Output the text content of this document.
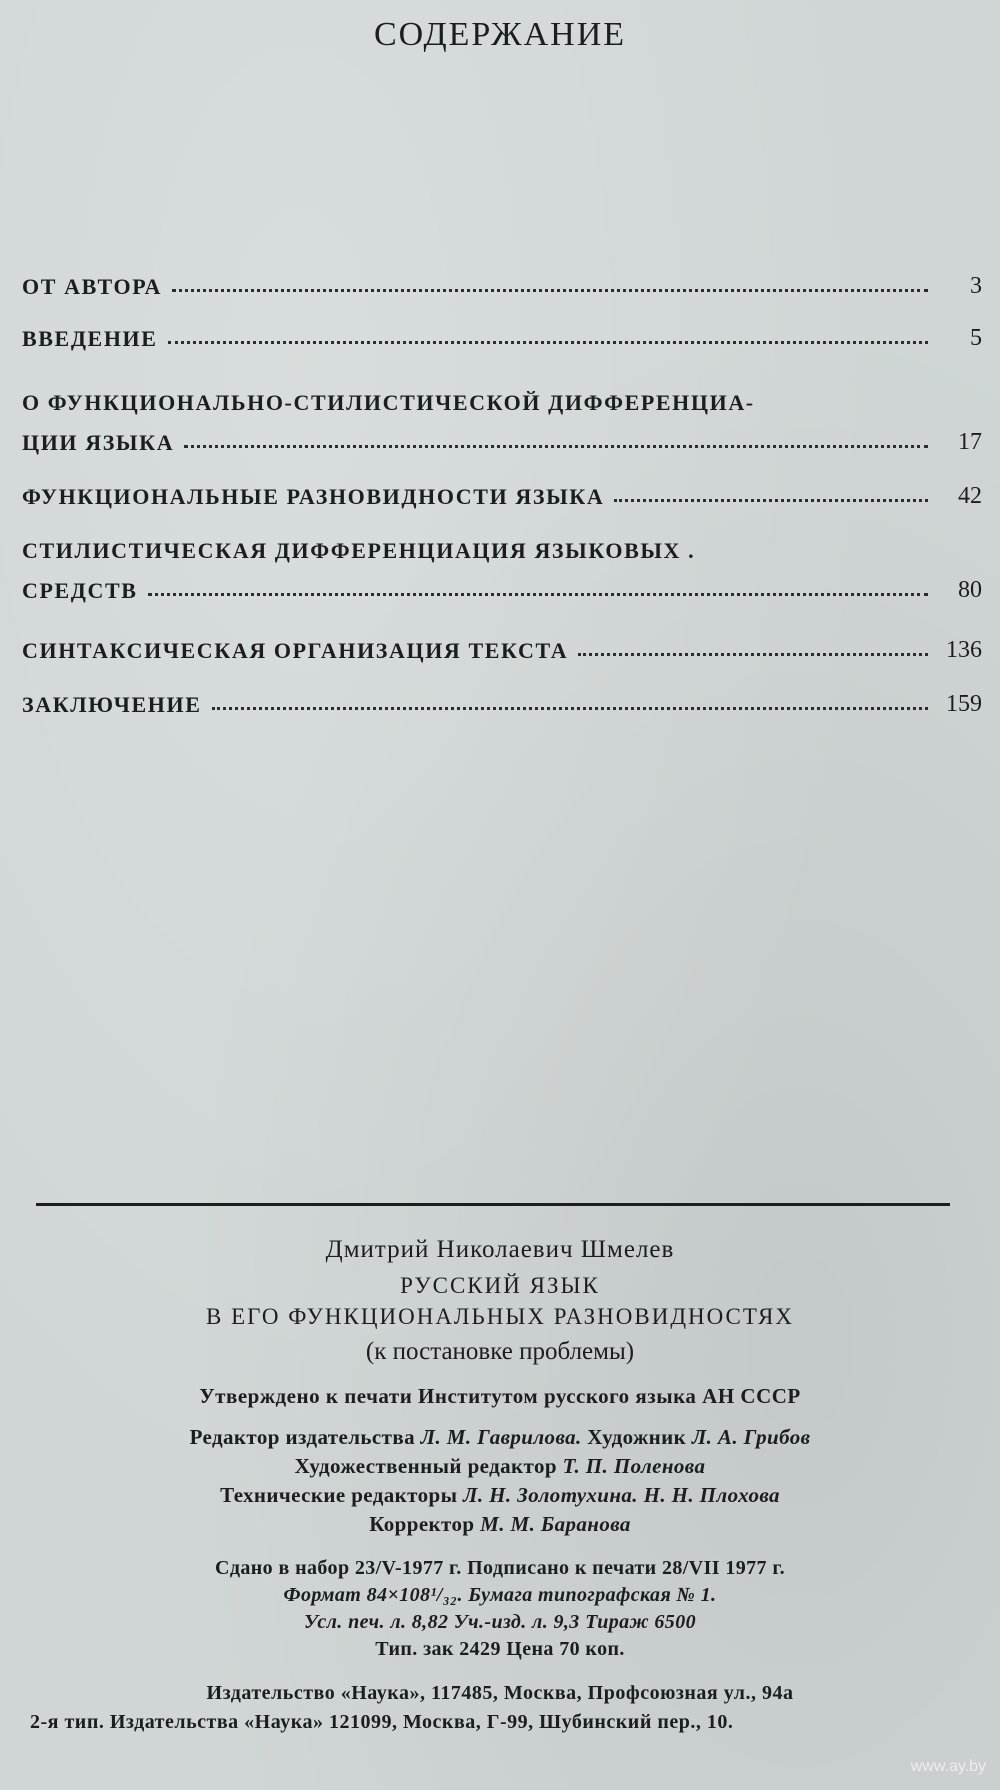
СОДЕРЖАНИЕ
ОТ АВТОРА	3
ВВЕДЕНИЕ	5
О ФУНКЦИОНАЛЬНО-СТИЛИСТИЧЕСКОЙ ДИФФЕРЕНЦИА-
ЦИИ ЯЗЫКА	17
ФУНКЦИОНАЛЬНЫЕ РАЗНОВИДНОСТИ ЯЗЫКА	42
СТИЛИСТИЧЕСКАЯ ДИФФЕРЕНЦИАЦИЯ ЯЗЫКОВЫХ .
СРЕДСТВ	80
СИНТАКСИЧЕСКАЯ ОРГАНИЗАЦИЯ ТЕКСТА	136
ЗАКЛЮЧЕНИЕ	159
Дмитрий Николаевич Шмелев
РУССКИЙ ЯЗЫК
В ЕГО ФУНКЦИОНАЛЬНЫХ РАЗНОВИДНОСТЯХ
(к постановке проблемы)
Утверждено к печати Институтом русского языка АН СССР
Редактор издательства Л. М. Гаврилова. Художник Л. А. Грибов
Художественный редактор Т. П. Поленова
Технические редакторы Л. Н. Золотухина. Н. Н. Плохова
Корректор М. М. Баранова
Сдано в набор 23/V-1977 г. Подписано к печати 28/VII 1977 г.
Формат 84×108¹/₃₂. Бумага типографская № 1.
Усл. печ. л. 8,82 Уч.-изд. л. 9,3 Тираж 6500
Тип. зак 2429 Цена 70 коп.
Издательство «Наука», 117485, Москва, Профсоюзная ул., 94а
2-я тип. Издательства «Наука» 121099, Москва, Г-99, Шубинский пер., 10.
www.ay.by
